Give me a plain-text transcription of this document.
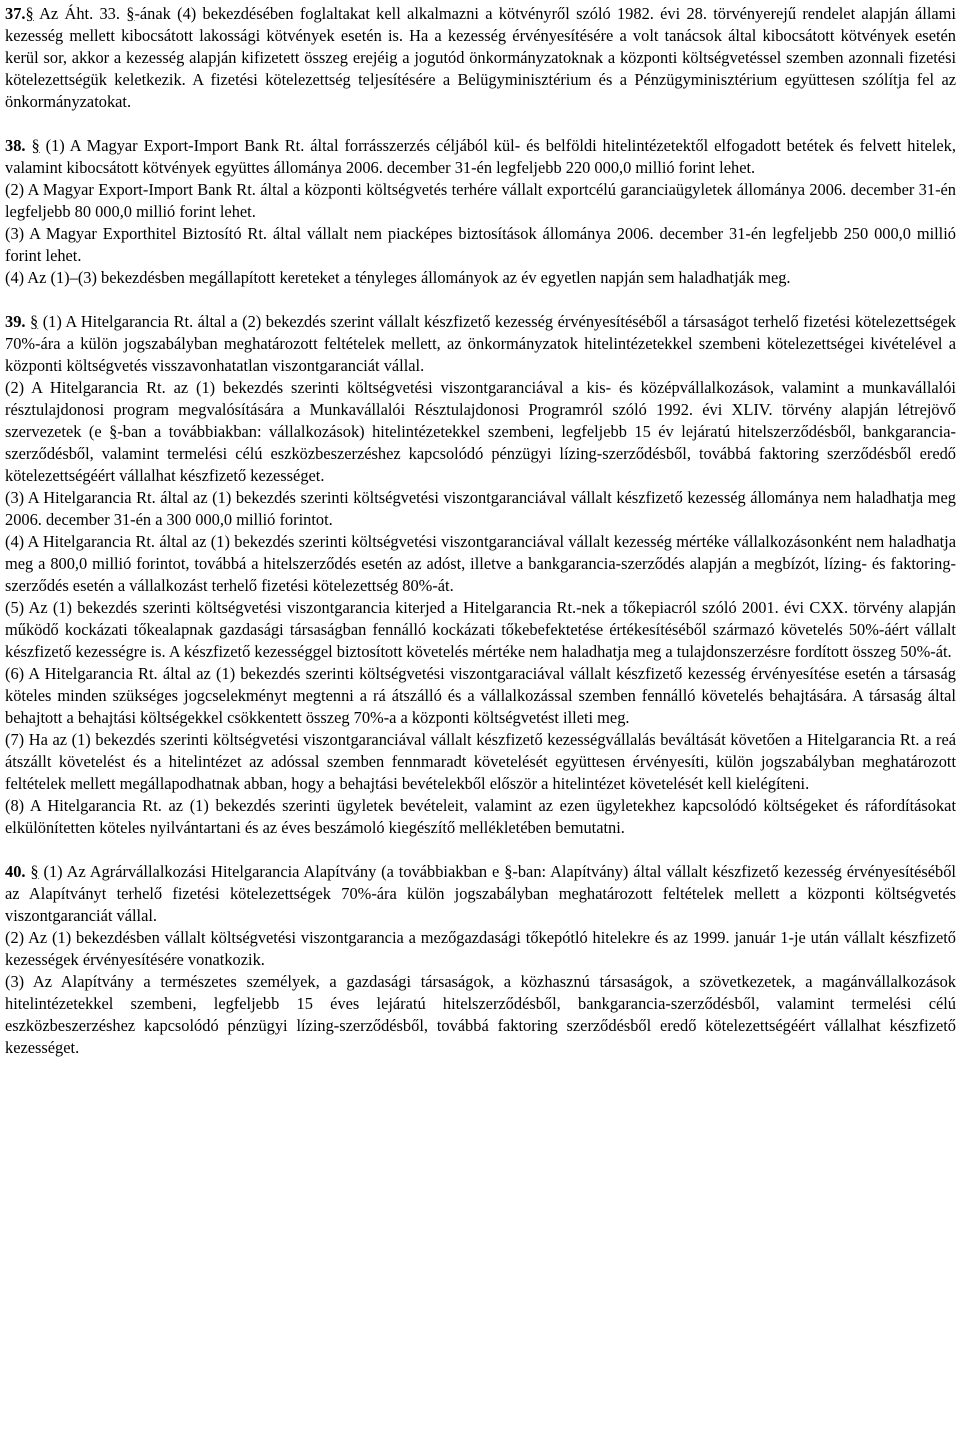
37.§ Az Áht. 33. §-ának (4) bekezdésében foglaltakat kell alkalmazni a kötvényről szóló 1982. évi 28. törvényerejű rendelet alapján állami kezesség mellett kibocsátott lakossági kötvények esetén is. Ha a kezesség érvényesítésére a volt tanácsok által kibocsátott kötvények esetén kerül sor, akkor a kezesség alapján kifizetett összeg erejéig a jogutód önkormányzatoknak a központi költségvetéssel szemben azonnali fizetési kötelezettségük keletkezik. A fizetési kötelezettség teljesítésére a Belügyminisztérium és a Pénzügyminisztérium együttesen szólítja fel az önkormányzatokat.

38. § (1) A Magyar Export-Import Bank Rt. által forrásszerzés céljából kül- és belföldi hitelintézetektől elfogadott betétek és felvett hitelek, valamint kibocsátott kötvények együttes állománya 2006. december 31-én legfeljebb 220 000,0 millió forint lehet.

(2) A Magyar Export-Import Bank Rt. által a központi költségvetés terhére vállalt exportcélú garanciaügyletek állománya 2006. december 31-én legfeljebb 80 000,0 millió forint lehet.

(3) A Magyar Exporthitel Biztosító Rt. által vállalt nem piacképes biztosítások állománya 2006. december 31-én legfeljebb 250 000,0 millió forint lehet.

(4) Az (1)–(3) bekezdésben megállapított kereteket a tényleges állományok az év egyetlen napján sem haladhatják meg.

39. § (1) A Hitelgarancia Rt. által a (2) bekezdés szerint vállalt készfizető kezesség érvényesítéséből a társaságot terhelő fizetési kötelezettségek 70%-ára a külön jogszabályban meghatározott feltételek mellett, az önkormányzatok hitelintézetekkel szembeni kötelezettségei kivételével a központi költségvetés visszavonhatatlan viszontgaranciát vállal.

(2) A Hitelgarancia Rt. az (1) bekezdés szerinti költségvetési viszontgaranciával a kis- és középvállalkozások, valamint a munkavállalói résztulajdonosi program megvalósítására a Munkavállalói Résztulajdonosi Programról szóló 1992. évi XLIV. törvény alapján létrejövő szervezetek (e §-ban a továbbiakban: vállalkozások) hitelintézetekkel szembeni, legfeljebb 15 év lejáratú hitelszerződésből, bankgarancia-szerződésből, valamint termelési célú eszközbeszerzéshez kapcsolódó pénzügyi lízing-szerződésből, továbbá faktoring szerződésből eredő kötelezettségéért vállalhat készfizető kezességet.

(3) A Hitelgarancia Rt. által az (1) bekezdés szerinti költségvetési viszontgaranciával vállalt készfizető kezesség állománya nem haladhatja meg 2006. december 31-én a 300 000,0 millió forintot.

(4) A Hitelgarancia Rt. által az (1) bekezdés szerinti költségvetési viszontgaranciával vállalt kezesség mértéke vállalkozásonként nem haladhatja meg a 800,0 millió forintot, továbbá a hitelszerződés esetén az adóst, illetve a bankgarancia-szerződés alapján a megbízót, lízing- és faktoring-szerződés esetén a vállalkozást terhelő fizetési kötelezettség 80%-át.

(5) Az (1) bekezdés szerinti költségvetési viszontgarancia kiterjed a Hitelgarancia Rt.-nek a tőkepiacról szóló 2001. évi CXX. törvény alapján működő kockázati tőkealapnak gazdasági társaságban fennálló kockázati tőkebefektetése értékesítéséből származó követelés 50%-áért vállalt készfizető kezességre is. A készfizető kezességgel biztosított követelés mértéke nem haladhatja meg a tulajdonszerzésre fordított összeg 50%-át.

(6) A Hitelgarancia Rt. által az (1) bekezdés szerinti költségvetési viszontgaraciával vállalt készfizető kezesség érvényesítése esetén a társaság köteles minden szükséges jogcselekményt megtenni a rá átszálló és a vállalkozással szemben fennálló követelés behajtására. A társaság által behajtott a behajtási költségekkel csökkentett összeg 70%-a a központi költségvetést illeti meg.

(7) Ha az (1) bekezdés szerinti költségvetési viszontgaranciával vállalt készfizető kezességvállalás beváltását követően a Hitelgarancia Rt. a reá átszállt követelést és a hitelintézet az adóssal szemben fennmaradt követelését együttesen érvényesíti, külön jogszabályban meghatározott feltételek mellett megállapodhatnak abban, hogy a behajtási bevételekből először a hitelintézet követelését kell kielégíteni.

(8) A Hitelgarancia Rt. az (1) bekezdés szerinti ügyletek bevételeit, valamint az ezen ügyletekhez kapcsolódó költségeket és ráfordításokat elkülönítetten köteles nyilvántartani és az éves beszámoló kiegészítő mellékletében bemutatni.

40. § (1) Az Agrárvállalkozási Hitelgarancia Alapítvány (a továbbiakban e §-ban: Alapítvány) által vállalt készfizető kezesség érvényesítéséből az Alapítványt terhelő fizetési kötelezettségek 70%-ára külön jogszabályban meghatározott feltételek mellett a központi költségvetés viszontgaranciát vállal.

(2) Az (1) bekezdésben vállalt költségvetési viszontgarancia a mezőgazdasági tőkepótló hitelekre és az 1999. január 1-je után vállalt készfizető kezességek érvényesítésére vonatkozik.

(3) Az Alapítvány a természetes személyek, a gazdasági társaságok, a közhasznú társaságok, a szövetkezetek, a magánvállalkozások hitelintézetekkel szembeni, legfeljebb 15 éves lejáratú hitelszerződésből, bankgarancia-szerződésből, valamint termelési célú eszközbeszerzéshez kapcsolódó pénzügyi lízing-szerződésből, továbbá faktoring szerződésből eredő kötelezettségéért vállalhat készfizető kezességet.
